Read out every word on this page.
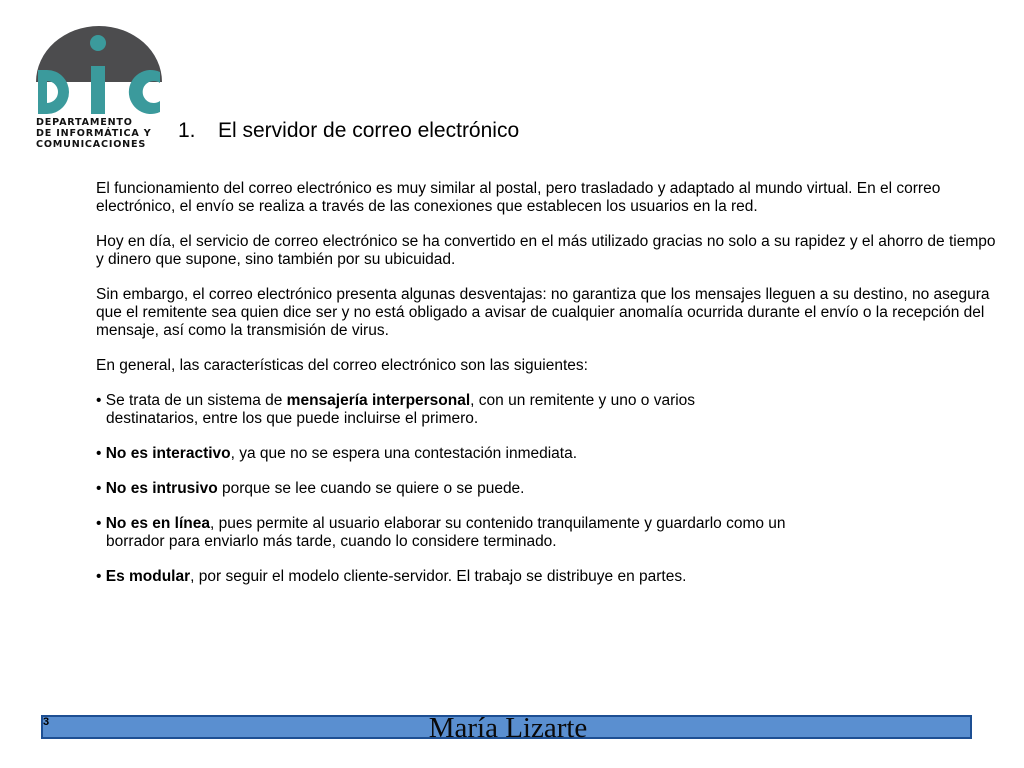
DEPARTAMENTO
DE INFORMÁTICA Y
COMUNICACIONES
1. El servidor de correo electrónico

El funcionamiento del correo electrónico es muy similar al postal, pero trasladado y adaptado al mundo virtual. En el correo electrónico, el envío se realiza a través de las conexiones que establecen los usuarios en la red.

Hoy en día, el servicio de correo electrónico se ha convertido en el más utilizado gracias no solo a su rapidez y el ahorro de tiempo y dinero que supone, sino también por su ubicuidad.

Sin embargo, el correo electrónico presenta algunas desventajas: no garantiza que los mensajes lleguen a su destino, no asegura que el remitente sea quien dice ser y no está obligado a avisar de cualquier anomalía ocurrida durante el envío o la recepción del mensaje, así como la transmisión de virus.

En general, las características del correo electrónico son las siguientes:

• Se trata de un sistema de mensajería interpersonal, con un remitente y uno o varios
destinatarios, entre los que puede incluirse el primero.

• No es interactivo, ya que no se espera una contestación inmediata.

• No es intrusivo porque se lee cuando se quiere o se puede.

• No es en línea, pues permite al usuario elaborar su contenido tranquilamente y guardarlo como un
borrador para enviarlo más tarde, cuando lo considere terminado.

• Es modular, por seguir el modelo cliente-servidor. El trabajo se distribuye en partes.

3	María Lizarte
